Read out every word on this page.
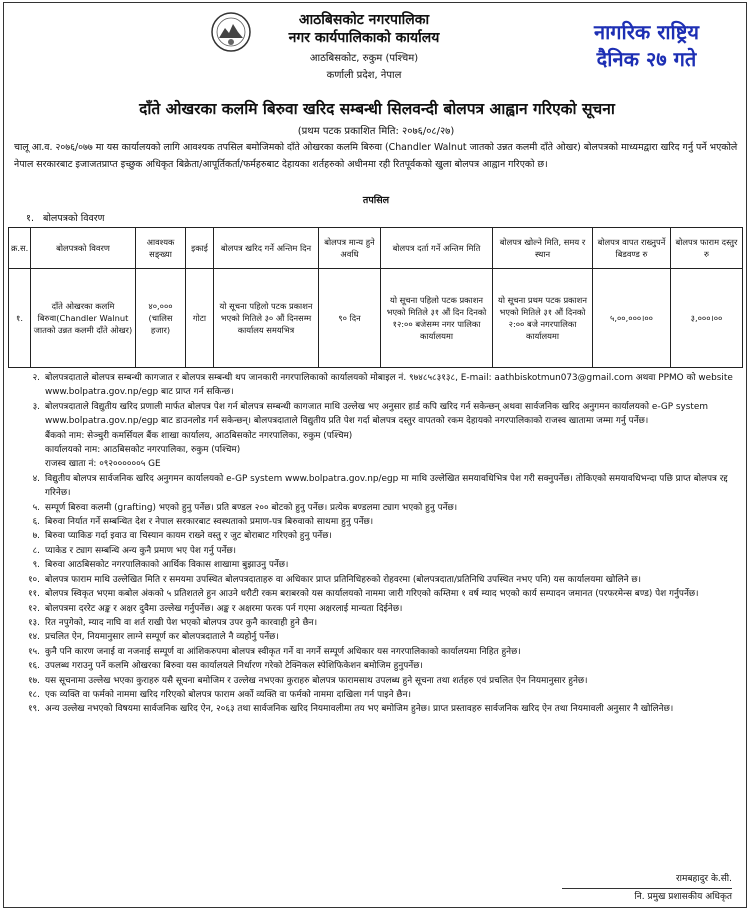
आठबिसकोट नगरपालिका
नगर कार्यपालिकाको कार्यालय
आठबिसकोट, रुकुम (पश्चिम)
कर्णाली प्रदेश, नेपाल
नागरिक राष्ट्रिय
दैनिक २७ गते
दाँते ओखरका कलमि बिरुवा खरिद सम्बन्धी सिलवन्दी बोलपत्र आह्वान गरिएको सूचना
(प्रथम पटक प्रकाशित मिति: २०७६/०८/२७)
चालू आ.व. २०७६/०७७ मा यस कार्यालयको लागि आवश्यक तपसिल बमोजिमको दाँते ओखरका कलमि बिरुवा (Chandler Walnut जातको उन्नत कलमी दाँते ओखर) बोलपत्रको माध्यमद्वारा खरिद गर्नु पर्ने भएकोले नेपाल सरकारबाट इजाजतप्राप्त इच्छुक अधिकृत बिक्रेता/आपूर्तिकर्ता/फर्महरुबाट देहायका शर्तहरुको अधीनमा रही रितपूर्वकको खुला बोलपत्र आह्वान गरिएको छ।
तपसिल
१. बोलपत्रको विवरण
क्र.स.	बोलपत्रको विवरण	आवश्यक सङ्ख्या	इकाई	बोलपत्र खरिद गर्ने अन्तिम दिन	बोलपत्र मान्य हुने अवधि	बोलपत्र दर्ता गर्ने अन्तिम मिति	बोलपत्र खोल्ने मिति, समय र स्थान	बोलपत्र वापत राख्नुपर्ने बिडवण्ड रु	बोलपत्र फाराम दस्तुर रु
१.	दाँते ओखरका कलमि बिरुवा(Chandler Walnut जातको उन्नत कलमी दाँते ओखर)	४०,००० (चालिस हजार)	गोटा	यो सूचना पहिलो पटक प्रकाशन भएको मितिले ३० औं दिनसम्म कार्यालय समयभित्र	९० दिन	यो सूचना पहिलो पटक प्रकाशन भएको मितिले ३१ औं दिन दिनको १२:०० बजेसम्म नगर पालिका कार्यालयमा	यो सूचना प्रथम पटक प्रकाशन भएको मितिले ३१ औं दिनको २:०० बजे नगरपालिका कार्यालयमा	५,००,०००।००	३,०००।००
२. बोलपत्रदाताले बोलपत्र सम्बन्धी कागजात र बोलपत्र सम्बन्धी थप जानकारी नगरपालिकाको कार्यालयको मोबाइल नं. ९७४८५८३१३८, E-mail: aathbiskotmun073@gmail.com अथवा PPMO को website www.bolpatra.gov.np/egp बाट प्राप्त गर्न सकिन्छ।
३. बोलपत्रदाताले विद्युतीय खरिद प्रणाली मार्फत बोलपत्र पेश गर्न बोलपत्र सम्बन्धी कागजात माथि उल्लेख भए अनुसार हार्ड कपि खरिद गर्न सकेन्छन् अथवा सार्वजनिक खरिद अनुगमन कार्यालयको e-GP system www.bolpatra.gov.np/egp बाट डाउनलोड गर्न सकेन्छन्। बोलपत्रदाताले विद्युतीय प्रति पेश गर्दा बोलपत्र दस्तुर वापतको रकम देहायको नगरपालिकाको राजस्व खातामा जम्मा गर्नु पर्नेछ।
बैंकको नाम: सेञ्चुरी कमर्सियल बैंक शाखा कार्यालय, आठबिसकोट नगरपालिका, रुकुम (पश्चिम)
कार्यालयको नाम: आठबिसकोट नगरपालिका, रुकुम (पश्चिम)
राजस्व खाता नं: ०९२००००००५ GE
४. विद्युतीय बोलपत्र सार्वजनिक खरिद अनुगमन कार्यालयको e-GP system www.bolpatra.gov.np/egp मा माथि उल्लेखित समयावधिभित्र पेश गरी सक्नुपर्नेछ। तोकिएको समयावधिभन्दा पछि प्राप्त बोलपत्र रद्द गरिनेछ।
५. सम्पूर्ण बिरुवा कलमी (grafting) भएको हुनु पर्नेछ। प्रति बण्डल २०० बोटको हुनु पर्नेछ। प्रत्येक बण्डलमा ट्याग भएको हुनु पर्नेछ।
६. बिरुवा निर्यात गर्ने सम्बन्धित देश र नेपाल सरकारबाट स्वस्थताको प्रमाण-पत्र बिरुवाको साथमा हुनु पर्नेछ।
७. बिरुवा प्याकिङ गर्दा इवाउ वा चिस्यान कायम राख्ने वस्तु र जुट बोराबाट गरिएको हुनु पर्नेछ।
८. प्याकेड र ट्याग सम्बन्धि अन्य कुनै प्रमाण भए पेश गर्नु पर्नेछ।
९. बिरुवा आठबिसकोट नगरपालिकाको आर्थिक विकास शाखामा बुझाउनु पर्नेछ।
१०. बोलपत्र फाराम माथि उल्लेखित मिति र समयमा उपस्थित बोलपत्रदाताहरु वा अधिकार प्राप्त प्रतिनिधिहरुको रोहवरमा (बोलपत्रदाता/प्रतिनिधि उपस्थित नभए पनि) यस कार्यालयमा खोलिने छ।
११. बोलपत्र स्विकृत भएमा कबोल अंकको ५ प्रतिशतले हुन आउने धरौटी रकम बराबरको यस कार्यालयको नाममा जारी गरिएको कम्तिमा १ वर्ष म्याद भएको कार्य सम्पादन जमानत (परफरमेन्स बण्ड) पेश गर्नुपर्नेछ।
१२. बोलपत्रमा दररेट अङ्क र अक्षर दुवैमा उल्लेख गर्नुपर्नेछ। अङ्क र अक्षरमा फरक पर्न गएमा अक्षरलाई मान्यता दिईनेछ।
१३. रित नपुगेको, म्याद नाघि वा शर्त राखी पेश भएको बोलपत्र उपर कुनै कारवाही हुने छैन।
१४. प्रचलित ऐन, नियमानुसार लाग्ने सम्पूर्ण कर बोलपत्रदाताले नै व्यहोर्नु पर्नेछ।
१५. कुनै पनि कारण जनाई वा नजनाई सम्पूर्ण वा आंशिकरुपमा बोलपत्र स्वीकृत गर्ने वा नगर्ने सम्पूर्ण अधिकार यस नगरपालिकाको कार्यालयमा निहित हुनेछ।
१६. उपलब्ध गराउनु पर्ने कलमि ओखरका बिरुवा यस कार्यालयले निर्धारण गरेको टेक्निकल स्पेशिफिकेशन बमोजिम हुनुपर्नेछ।
१७. यस सूचनामा उल्लेख भएका कुराहरु यसै सूचना बमोजिम र उल्लेख नभएका कुराहरु बोलपत्र फारामसाथ उपलब्ध हुने सूचना तथा शर्तहरु एवं प्रचलित ऐन नियमानुसार हुनेछ।
१८. एक व्यक्ति वा फर्मको नाममा खरिद गरिएको बोलपत्र फाराम अर्को व्यक्ति वा फर्मको नाममा दाखिला गर्न पाइने छैन।
१९. अन्य उल्लेख नभएको विषयमा सार्वजनिक खरिद ऐन, २०६३ तथा सार्वजनिक खरिद नियमावलीमा तय भए बमोजिम हुनेछ। प्राप्त प्रस्तावहरु सार्वजनिक खरिद ऐन तथा नियमावली अनुसार नै खोलिनेछ।
रामबहादुर के.सी.
नि. प्रमुख प्रशासकीय अधिकृत
